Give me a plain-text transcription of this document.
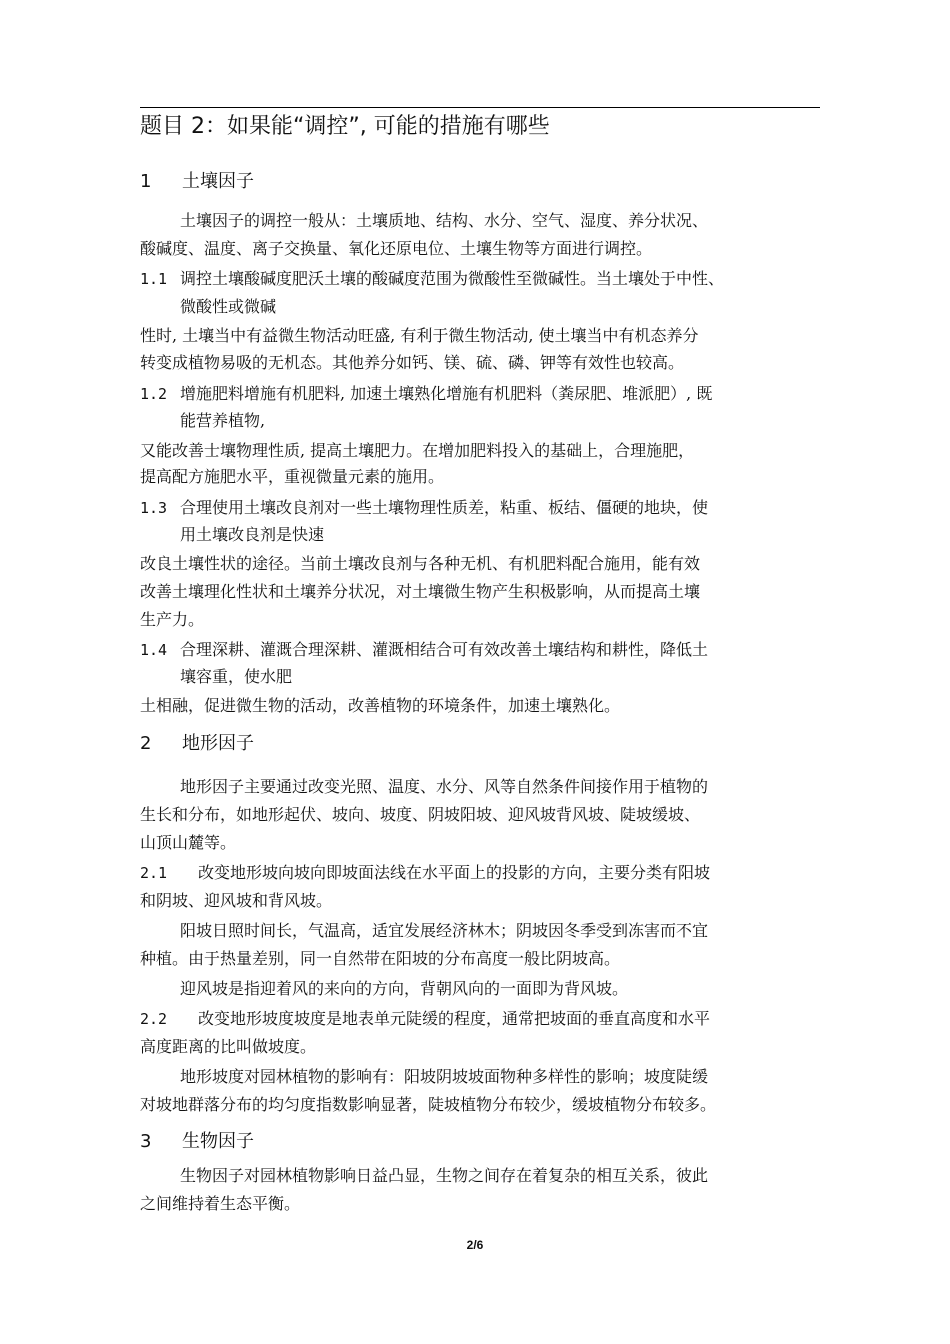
题目 2：如果能“调控”, 可能的措施有哪些
1 土壤因子
土壤因子的调控一般从：土壤质地、结构、水分、空气、湿度、养分状况、
酸碱度、温度、离子交换量、氧化还原电位、土壤生物等方面进行调控。
1.1 调控土壤酸碱度肥沃土壤的酸碱度范围为微酸性至微碱性。当土壤处于中性、
微酸性或微碱
性时, 土壤当中有益微生物活动旺盛, 有利于微生物活动, 使土壤当中有机态养分
转变成植物易吸的无机态。其他养分如钙、镁、硫、磷、钾等有效性也较高。
1.2 增施肥料增施有机肥料, 加速土壤熟化增施有机肥料（粪尿肥、堆派肥）, 既
能营养植物,
又能改善士壤物理性质, 提高土壤肥力。在增加肥料投入的基础上，合理施肥，
提高配方施肥水平，重视微量元素的施用。
1.3 合理使用土壤改良剂对一些土壤物理性质差，粘重、板结、僵硬的地块，使
用土壤改良剂是快速
改良土壤性状的途径。当前土壤改良剂与各种无机、有机肥料配合施用，能有效
改善土壤理化性状和土壤养分状况，对土壤微生物产生积极影响，从而提高土壤
生产力。
1.4 合理深耕、灌溉合理深耕、灌溉相结合可有效改善土壤结构和耕性，降低土
壤容重，使水肥
土相融，促进微生物的活动，改善植物的环境条件，加速土壤熟化。
2 地形因子
地形因子主要通过改变光照、温度、水分、风等自然条件间接作用于植物的
生长和分布，如地形起伏、坡向、坡度、阴坡阳坡、迎风坡背风坡、陡坡缓坡、
山顶山麓等。
2.1 改变地形坡向坡向即坡面法线在水平面上的投影的方向，主要分类有阳坡
和阴坡、迎风坡和背风坡。
阳坡日照时间长，气温高，适宜发展经济林木；阴坡因冬季受到冻害而不宜
种植。由于热量差别，同一自然带在阳坡的分布高度一般比阴坡高。
迎风坡是指迎着风的来向的方向，背朝风向的一面即为背风坡。
2.2 改变地形坡度坡度是地表单元陡缓的程度，通常把坡面的垂直高度和水平
高度距离的比叫做坡度。
地形坡度对园林植物的影响有：阳坡阴坡坡面物种多样性的影响；坡度陡缓
对坡地群落分布的均匀度指数影响显著，陡坡植物分布较少，缓坡植物分布较多。
3 生物因子
生物因子对园林植物影响日益凸显，生物之间存在着复杂的相互关系，彼此
之间维持着生态平衡。
2/6
